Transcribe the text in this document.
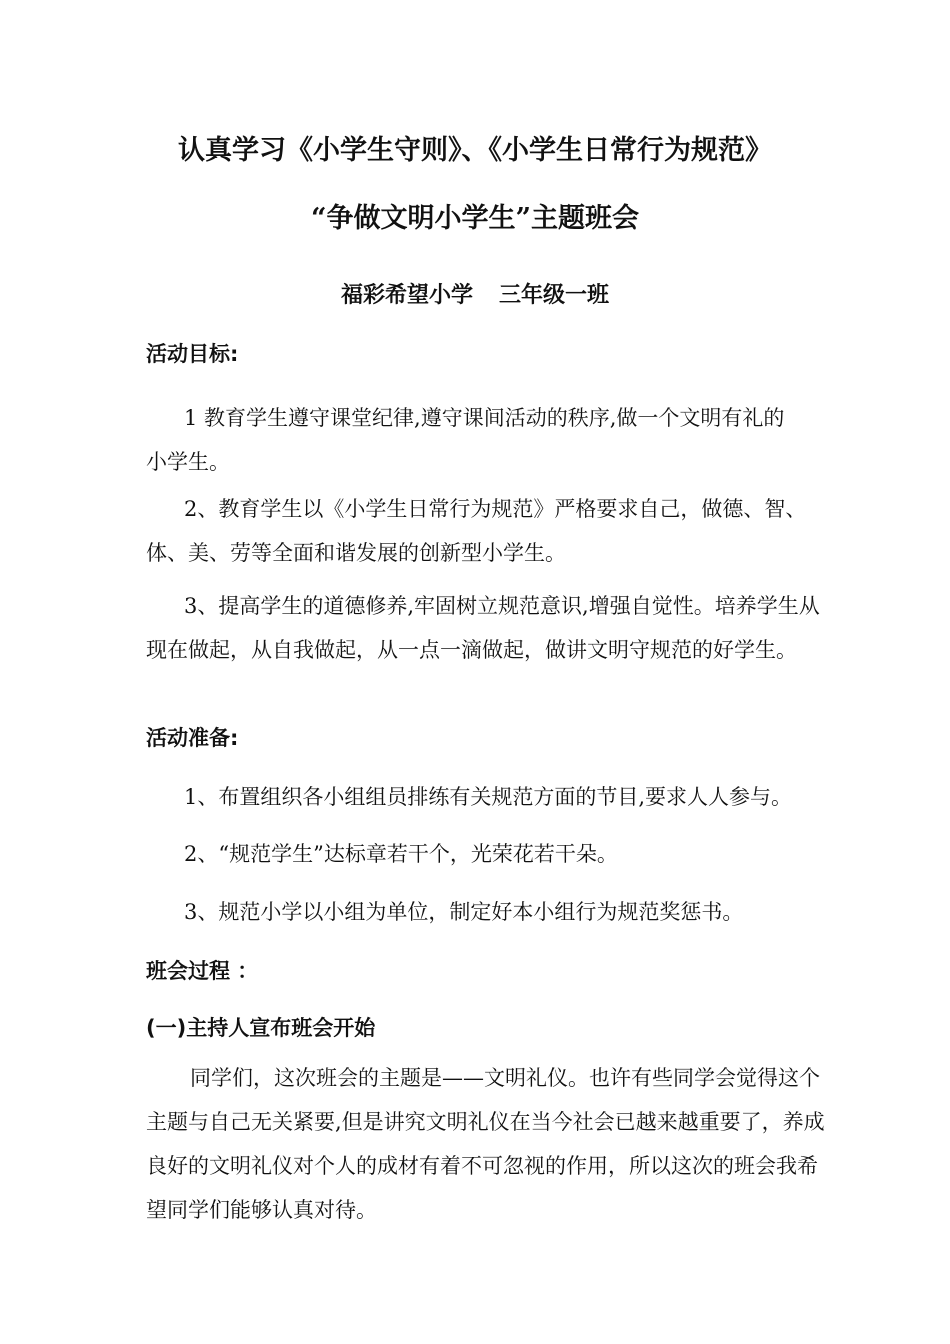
认真学习《小学生守则》、《小学生日常行为规范》
“争做文明小学生”主题班会
福彩希望小学 三年级一班
活动目标:
1 教育学生遵守课堂纪律,遵守课间活动的秩序,做一个文明有礼的小学生。
2、教育学生以《小学生日常行为规范》严格要求自己，做德、智、体、美、劳等全面和谐发展的创新型小学生。
3、提高学生的道德修养,牢固树立规范意识,增强自觉性。培养学生从现在做起，从自我做起，从一点一滴做起，做讲文明守规范的好学生。
活动准备:
1、布置组织各小组组员排练有关规范方面的节目,要求人人参与。
2、“规范学生”达标章若干个，光荣花若干朵。
3、规范小学以小组为单位，制定好本小组行为规范奖惩书。
班会过程 ：
(一)主持人宣布班会开始
同学们，这次班会的主题是——文明礼仪。也许有些同学会觉得这个主题与自己无关紧要,但是讲究文明礼仪在当今社会已越来越重要了，养成良好的文明礼仪对个人的成材有着不可忽视的作用，所以这次的班会我希望同学们能够认真对待。
